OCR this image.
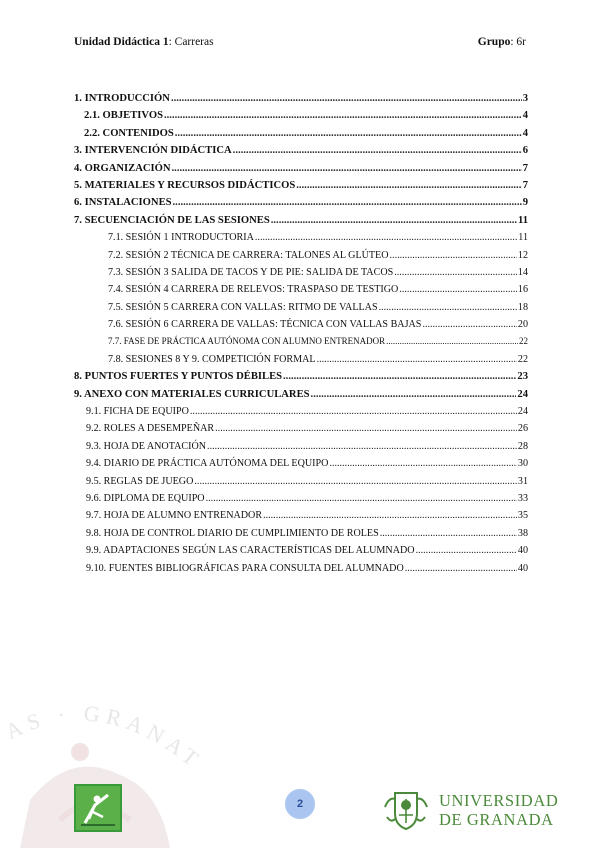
Unidad Didáctica 1: Carreras	Grupo: 6r
1. INTRODUCCIÓN .....	3
2.1. OBJETIVOS .....	4
2.2. CONTENIDOS .....	4
3. INTERVENCIÓN DIDÁCTICA .....	6
4. ORGANIZACIÓN .....	7
5. MATERIALES Y RECURSOS DIDÁCTICOS .....	7
6. INSTALACIONES .....	9
7. SECUENCIACIÓN DE LAS SESIONES .....	11
7.1. SESIÓN 1 INTRODUCTORIA .....	11
7.2. SESIÓN 2 TÉCNICA DE CARRERA: TALONES AL GLÚTEO .....	12
7.3. SESIÓN 3 SALIDA DE TACOS Y DE PIE: SALIDA DE TACOS .....	14
7.4. SESIÓN 4 CARRERA DE RELEVOS: TRASPASO DE TESTIGO .....	16
7.5. SESIÓN 5 CARRERA CON VALLAS: RITMO DE VALLAS .....	18
7.6. SESIÓN 6 CARRERA DE VALLAS: TÉCNICA CON VALLAS BAJAS .....	20
7.7. FASE DE PRÁCTICA AUTÓNOMA CON ALUMNO ENTRENADOR .....	22
7.8. SESIONES 8 Y 9. COMPETICIÓN FORMAL .....	22
8. PUNTOS FUERTES Y PUNTOS DÉBILES .....	23
9. ANEXO CON MATERIALES CURRICULARES .....	24
9.1. FICHA DE EQUIPO .....	24
9.2. ROLES A DESEMPEÑAR .....	26
9.3. HOJA DE ANOTACIÓN .....	28
9.4. DIARIO DE PRÁCTICA AUTÓNOMA DEL EQUIPO .....	30
9.5. REGLAS DE JUEGO .....	31
9.6. DIPLOMA DE EQUIPO .....	33
9.7. HOJA DE ALUMNO ENTRENADOR .....	35
9.8. HOJA DE CONTROL DIARIO DE CUMPLIMIENTO DE ROLES .....	38
9.9. ADAPTACIONES SEGÚN LAS CARACTERÍSTICAS DEL ALUMNADO .....	40
9.10. FUENTES BIBLIOGRÁFICAS PARA CONSULTA DEL ALUMNADO .....	40
AS · GRANAT
2	UNIVERSIDAD
DE GRANADA
